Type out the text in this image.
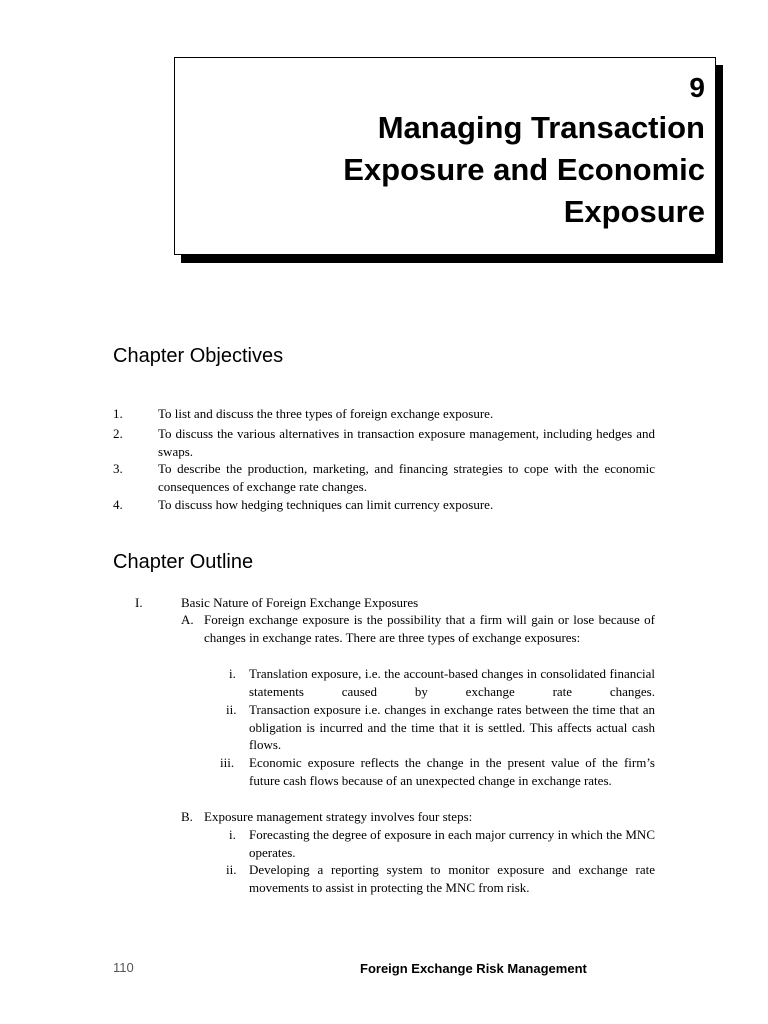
9
Managing Transaction
Exposure and Economic
Exposure
Chapter Objectives
1.	To list and discuss the three types of foreign exchange exposure.
2.	To discuss the various alternatives in transaction exposure management, including hedges and swaps.
3.	To describe the production, marketing, and financing strategies to cope with the economic consequences of exchange rate changes.
4.	To discuss how hedging techniques can limit currency exposure.
Chapter Outline
I.	Basic Nature of Foreign Exchange Exposures
A. Foreign exchange exposure is the possibility that a firm will gain or lose because of changes in exchange rates. There are three types of exchange exposures:
i. Translation exposure, i.e. the account-based changes in consolidated financial statements caused by exchange rate changes.
ii. Transaction exposure i.e. changes in exchange rates between the time that an obligation is incurred and the time that it is settled. This affects actual cash flows.
iii. Economic exposure reflects the change in the present value of the firm’s future cash flows because of an unexpected change in exchange rates.
B. Exposure management strategy involves four steps:
i. Forecasting the degree of exposure in each major currency in which the MNC operates.
ii. Developing a reporting system to monitor exposure and exchange rate movements to assist in protecting the MNC from risk.
110	Foreign Exchange Risk Management
